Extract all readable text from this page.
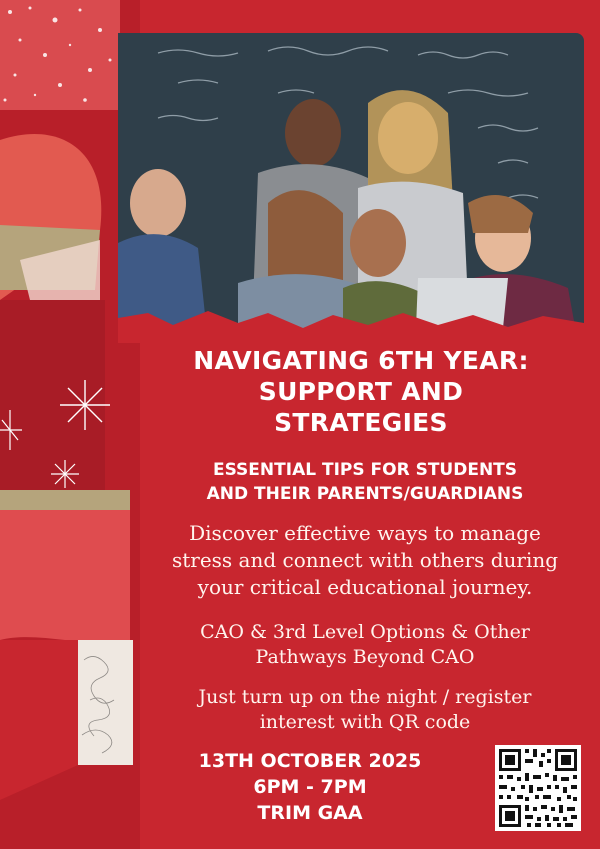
NAVIGATING 6TH YEAR:
SUPPORT AND
STRATEGIES
ESSENTIAL TIPS FOR STUDENTS
AND THEIR PARENTS/GUARDIANS
Discover effective ways to manage
stress and connect with others during
your critical educational journey.
CAO & 3rd Level Options & Other
Pathways Beyond CAO
Just turn up on the night / register
interest with QR code
13TH OCTOBER 2025
6PM - 7PM
TRIM GAA
